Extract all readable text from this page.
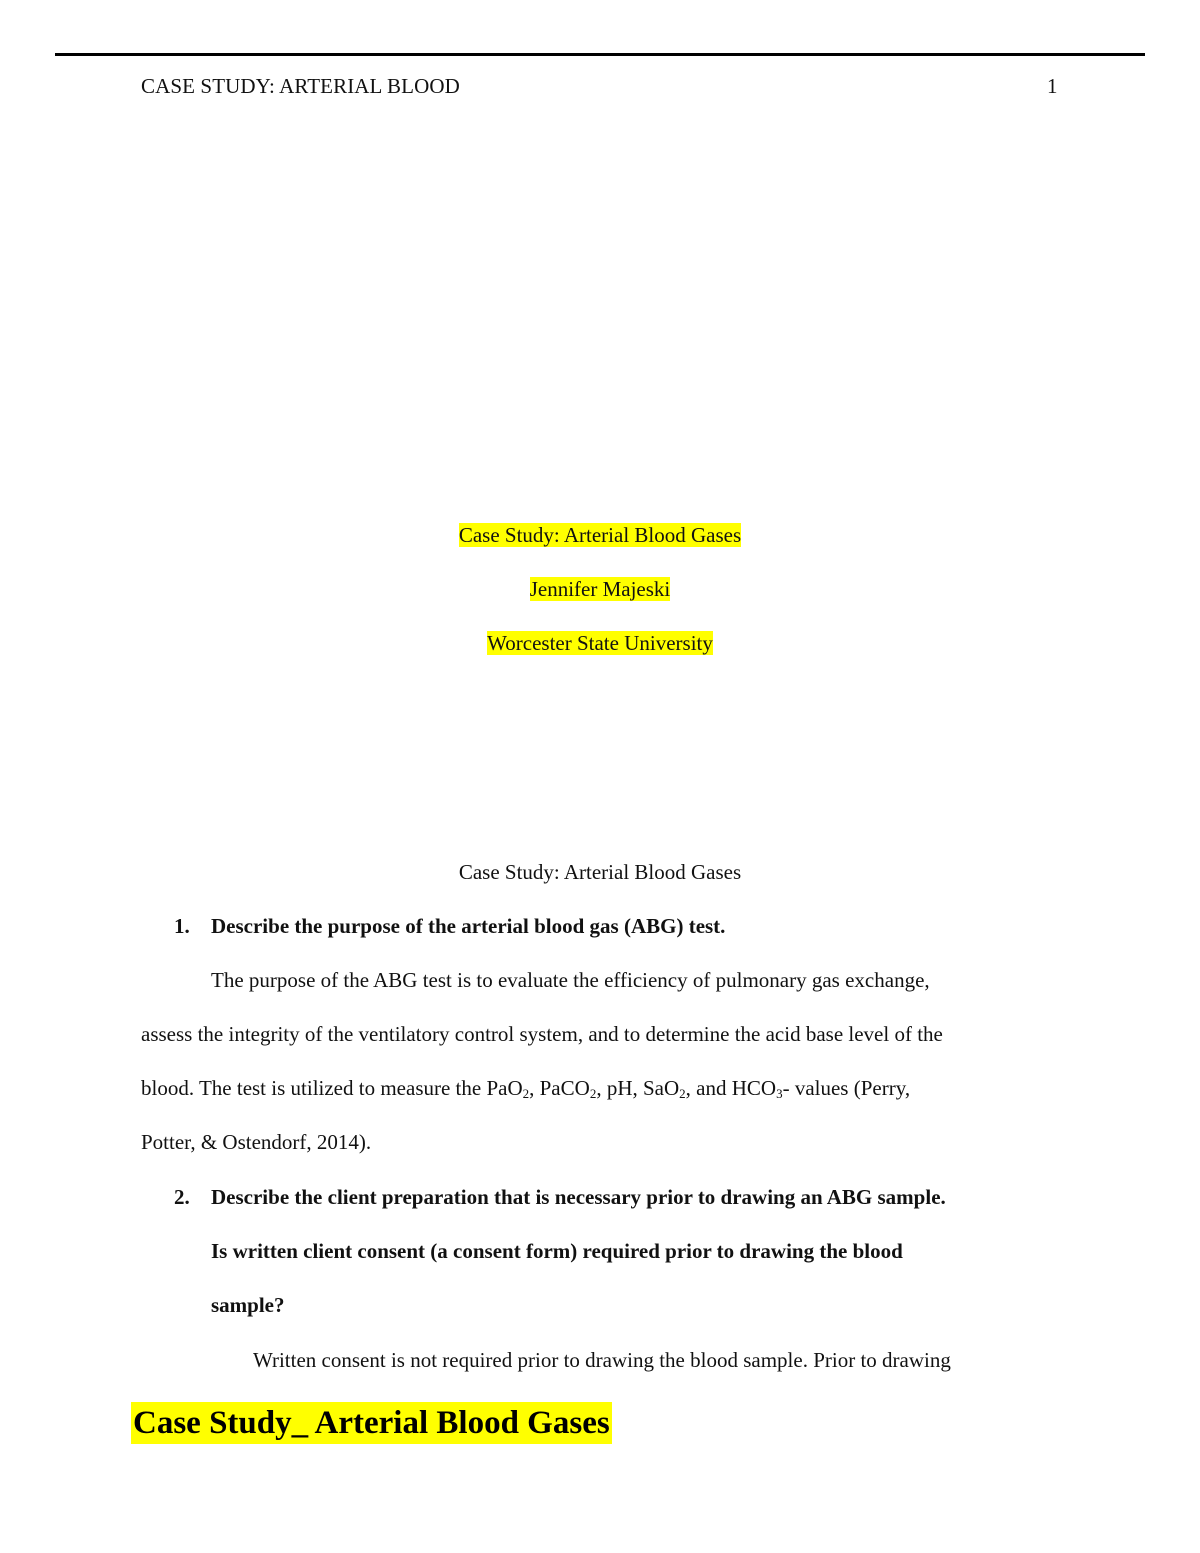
CASE STUDY: ARTERIAL BLOOD	1
Case Study: Arterial Blood Gases
Jennifer Majeski
Worcester State University
Case Study: Arterial Blood Gases
1. Describe the purpose of the arterial blood gas (ABG) test.
The purpose of the ABG test is to evaluate the efficiency of pulmonary gas exchange,
assess the integrity of the ventilatory control system, and to determine the acid base level of the
blood. The test is utilized to measure the PaO$_2$, PaCO$_2$, pH, SaO$_2$, and $HCO_3-$ values (Perry,
Potter, & Ostendorf, 2014).
2. Describe the client preparation that is necessary prior to drawing an ABG sample.
Is written client consent (a consent form) required prior to drawing the blood
sample?
Written consent is not required prior to drawing the blood sample. Prior to drawing
Case Study_ Arterial Blood Gases
